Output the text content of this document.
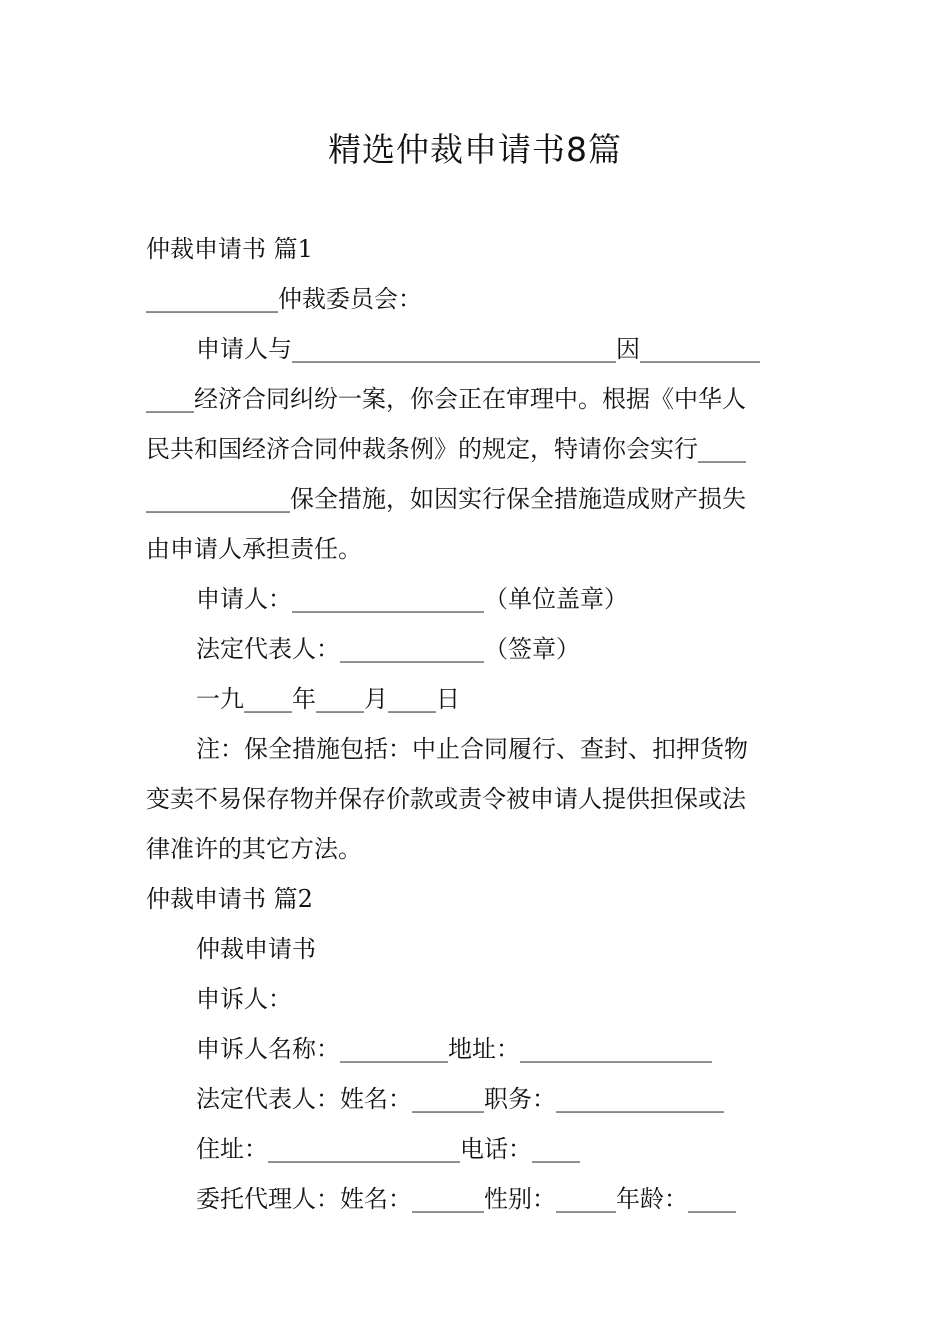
精选仲裁申请书8篇
仲裁申请书 篇1
___________仲裁委员会：
申请人与___________________________因__________
____经济合同纠纷一案，你会正在审理中。根据《中华人
民共和国经济合同仲裁条例》的规定，特请你会实行____
____________保全措施，如因实行保全措施造成财产损失
由申请人承担责任。
申请人：________________（单位盖章）
法定代表人：____________（签章）
一九____年____月____日
注：保全措施包括：中止合同履行、查封、扣押货物
变卖不易保存物并保存价款或责令被申请人提供担保或法
律准许的其它方法。
仲裁申请书 篇2
仲裁申请书
申诉人：
申诉人名称：_________地址：________________
法定代表人：姓名：______职务：______________
住址：________________电话：____
委托代理人：姓名：______性别：_____年龄：____
